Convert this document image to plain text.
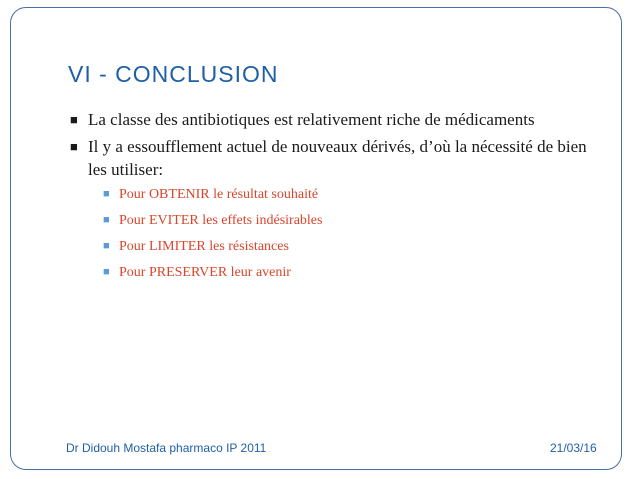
VI - CONCLUSION
■ La classe des antibiotiques est relativement riche de médicaments
■ Il y a essoufflement actuel de nouveaux dérivés, d’où la nécessité de bien les utiliser:
■ Pour OBTENIR le résultat souhaité
■ Pour EVITER les effets indésirables
■ Pour LIMITER les résistances
■ Pour PRESERVER leur avenir
Dr Didouh Mostafa pharmaco IP 2011	21/03/16
